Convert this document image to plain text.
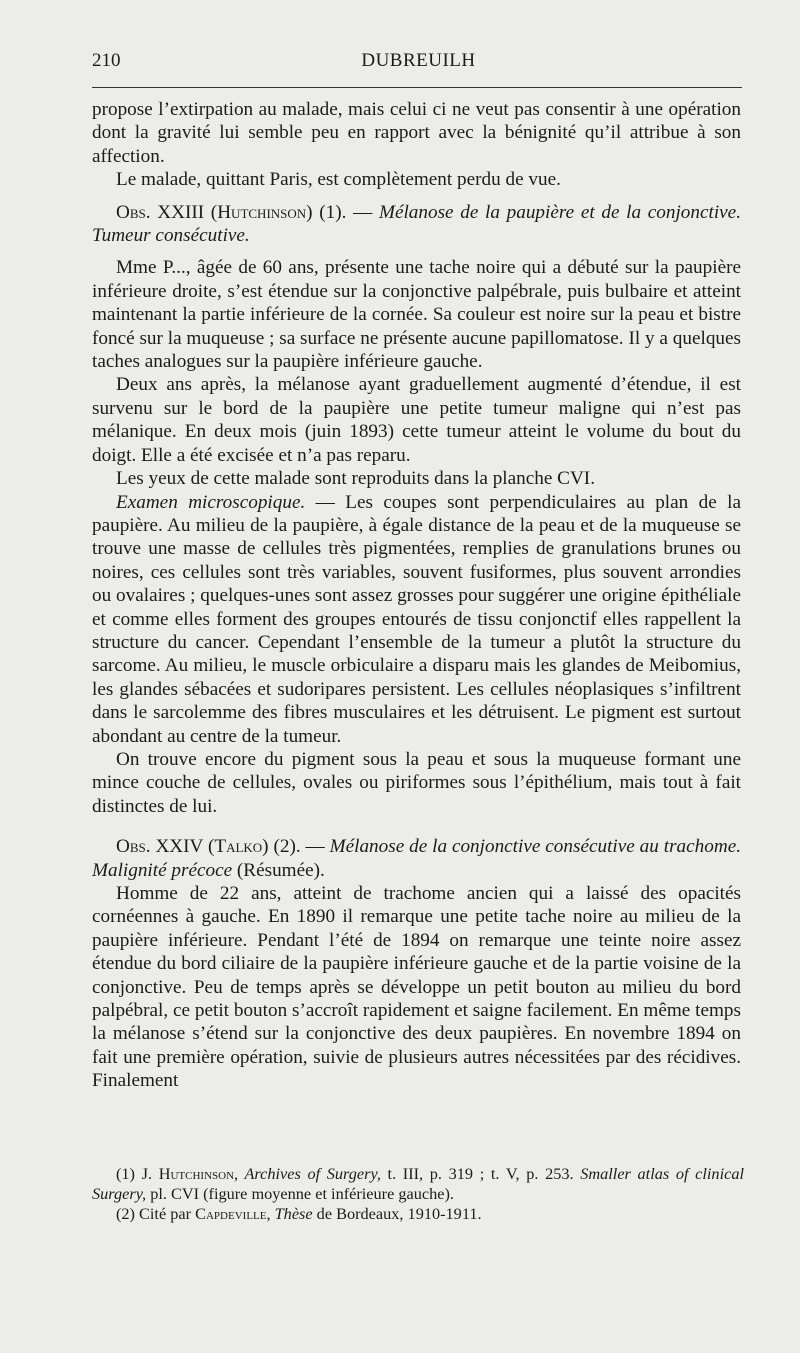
210	DUBREUILH

propose l’extirpation au malade, mais celui ci ne veut pas consentir à une opération dont la gravité lui semble peu en rapport avec la bénignité qu’il attribue à son affection.

Le malade, quittant Paris, est complètement perdu de vue.

Obs. XXIII (Hutchinson) (1). — Mélanose de la paupière et de la conjonctive. Tumeur consécutive.

Mme P..., âgée de 60 ans, présente une tache noire qui a débuté sur la paupière inférieure droite, s’est étendue sur la conjonctive palpébrale, puis bulbaire et atteint maintenant la partie inférieure de la cornée. Sa couleur est noire sur la peau et bistre foncé sur la muqueuse ; sa surface ne présente aucune papillomatose. Il y a quelques taches analogues sur la paupière inférieure gauche.

Deux ans après, la mélanose ayant graduellement augmenté d’étendue, il est survenu sur le bord de la paupière une petite tumeur maligne qui n’est pas mélanique. En deux mois (juin 1893) cette tumeur atteint le volume du bout du doigt. Elle a été excisée et n’a pas reparu.

Les yeux de cette malade sont reproduits dans la planche CVI.

Examen microscopique. — Les coupes sont perpendiculaires au plan de la paupière. Au milieu de la paupière, à égale distance de la peau et de la muqueuse se trouve une masse de cellules très pigmentées, remplies de granulations brunes ou noires, ces cellules sont très variables, souvent fusiformes, plus souvent arrondies ou ovalaires ; quelques-unes sont assez grosses pour suggérer une origine épithéliale et comme elles forment des groupes entourés de tissu conjonctif elles rappellent la structure du cancer. Cependant l’ensemble de la tumeur a plutôt la structure du sarcome. Au milieu, le muscle orbiculaire a disparu mais les glandes de Meibomius, les glandes sébacées et sudoripares persistent. Les cellules néoplasiques s’infiltrent dans le sarcolemme des fibres musculaires et les détruisent. Le pigment est surtout abondant au centre de la tumeur.

On trouve encore du pigment sous la peau et sous la muqueuse formant une mince couche de cellules, ovales ou piriformes sous l’épithélium, mais tout à fait distinctes de lui.

Obs. XXIV (Talko) (2). — Mélanose de la conjonctive consécutive au trachome. Malignité précoce (Résumée).

Homme de 22 ans, atteint de trachome ancien qui a laissé des opacités cornéennes à gauche. En 1890 il remarque une petite tache noire au milieu de la paupière inférieure. Pendant l’été de 1894 on remarque une teinte noire assez étendue du bord ciliaire de la paupière inférieure gauche et de la partie voisine de la conjonctive. Peu de temps après se développe un petit bouton au milieu du bord palpébral, ce petit bouton s’accroît rapidement et saigne facilement. En même temps la mélanose s’étend sur la conjonctive des deux paupières. En novembre 1894 on fait une première opération, suivie de plusieurs autres nécessitées par des récidives. Finalement

(1) J. Hutchinson, Archives of Surgery, t. III, p. 319 ; t. V, p. 253. Smaller atlas of clinical Surgery, pl. CVI (figure moyenne et inférieure gauche).

(2) Cité par Capdeville, Thèse de Bordeaux, 1910-1911.
